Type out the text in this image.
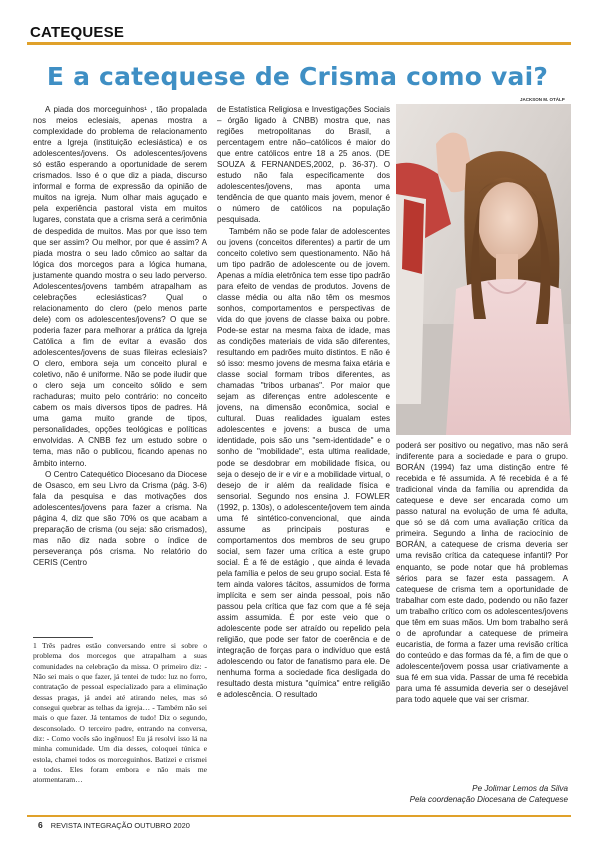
CATEQUESE
E a catequese de Crisma como vai?
JACKSON M. OTÁLP

A piada dos morceguinhos¹ , tão propalada nos meios eclesiais, apenas mostra a complexidade do problema de relacionamento entre a Igreja (instituição eclesiástica) e os adolescentes/jovens. Os adolescentes/jovens só estão esperando a oportunidade de serem crismados. Isso é o que diz a piada, discurso informal e forma de expressão da opinião de muitos na igreja. Num olhar mais aguçado e pela experiência pastoral vista em muitos lugares, constata que a crisma será a cerimônia de despedida de muitos. Mas por que isso tem que ser assim? Ou melhor, por que é assim? A piada mostra o seu lado cômico ao saltar da lógica dos morcegos para a lógica humana, justamente quando mostra o seu lado perverso. Adolescentes/jovens também atrapalham as celebrações eclesiásticas? Qual o relacionamento do clero (pelo menos parte dele) com os adolescentes/jovens? O que se poderia fazer para melhorar a prática da Igreja Católica a fim de evitar a evasão dos adolescentes/jovens de suas fileiras eclesiais? O clero, embora seja um conceito plural e coletivo, não é uniforme. Não se pode iludir que o clero seja um conceito sólido e sem rachaduras; muito pelo contrário: no conceito cabem os mais diversos tipos de padres. Há uma gama muito grande de tipos, personalidades, opções teológicas e políticas envolvidas. A CNBB fez um estudo sobre o tema, mas não o publicou, ficando apenas no âmbito interno.

O Centro Catequético Diocesano da Diocese de Osasco, em seu Livro da Crisma (pág. 3-6) fala da pesquisa e das motivações dos adolescentes/jovens para fazer a crisma. Na página 4, diz que são 70% os que acabam a preparação de crisma (ou seja: são crismados), mas não diz nada sobre o índice de perseverança pós crisma. No relatório do CERIS (Centro

de Estatística Religiosa e Investigações Sociais – órgão ligado à CNBB) mostra que, nas regiões metropolitanas do Brasil, a percentagem entre não–católicos é maior do que entre católicos entre 18 a 25 anos. (DE SOUZA & FERNANDES,2002, p. 36-37). O estudo não fala especificamente dos adolescentes/jovens, mas aponta uma tendência de que quanto mais jovem, menor é o número de católicos na população pesquisada.

Também não se pode falar de adolescentes ou jovens (conceitos diferentes) a partir de um conceito coletivo sem questionamento. Não há um tipo padrão de adolescente ou de jovem. Apenas a mídia eletrônica tem esse tipo padrão para efeito de vendas de produtos. Jovens de classe média ou alta não têm os mesmos sonhos, comportamentos e perspectivas de vida do que jovens de classe baixa ou pobre. Pode-se estar na mesma faixa de idade, mas as condições materiais de vida são diferentes, resultando em padrões muito distintos. E não é só isso: mesmo jovens de mesma faixa etária e classe social formam tribos diferentes, as chamadas "tribos urbanas". Por maior que sejam as diferenças entre adolescente e jovens, na dimensão econômica, social e cultural. Duas realidades igualam estes adolescentes e jovens: a busca de uma identidade, pois são uns "sem-identidade" e o sonho de "mobilidade", esta ultima realidade, pode se desdobrar em mobilidade física, ou seja o desejo de ir e vir e a mobilidade virtual, o desejo de ir além da realidade física e sensorial. Segundo nos ensina J. FOWLER (1992, p. 130s), o adolescente/jovem tem ainda uma fé sintético-convencional, que ainda assume as principais posturas e comportamentos dos membros de seu grupo social, sem fazer uma crítica a este grupo social. É a fé de estágio , que ainda é levada pela família e pelos de seu grupo social. Esta fé tem ainda valores tácitos, assumidos de forma implícita e sem ser ainda pessoal, pois não passou pela crítica que faz com que a fé seja assim assumida. É por este veio que o adolescente pode ser atraído ou repelido pela religião, que pode ser fator de coerência e de integração de forças para o indivíduo que está adolescendo ou fator de fanatismo para ele. De nenhuma forma a sociedade fica desligada do resultado desta mistura "química" entre religião e adolescência. O resultado

poderá ser positivo ou negativo, mas não será indiferente para a sociedade e para o grupo. BORÁN (1994) faz uma distinção entre fé recebida e fé assumida. A fé recebida é a fé tradicional vinda da família ou aprendida da catequese e deve ser encarada como um passo natural na evolução de uma fé adulta, que só se dá com uma avaliação crítica da primeira. Segundo a linha de raciocínio de BORÁN, a catequese de crisma deveria ser uma revisão crítica da catequese infantil? Por enquanto, se pode notar que há problemas sérios para se fazer esta passagem. A catequese de crisma tem a oportunidade de trabalhar com este dado, podendo ou não fazer um trabalho crítico com os adolescentes/jovens que têm em suas mãos. Um bom trabalho será o de aprofundar a catequese de primeira eucaristia, de forma a fazer uma revisão crítica do conteúdo e das formas da fé, a fim de que o adolescente/jovem possa usar criativamente a sua fé em sua vida. Passar de uma fé recebida para uma fé assumida deveria ser o desejável para todo aquele que vai ser crismar.

Pe Jolimar Lemos da Silva
Pela coordenação Diocesana de Catequese
1 Três padres estão conversando entre si sobre o problema dos morcegos que atrapalham a suas comunidades na celebração da missa. O primeiro diz: - Não sei mais o que fazer, já tentei de tudo: luz no forro, contratação de pessoal especializado para a eliminação dessas pragas, já andei até atirando neles, mas só consegui quebrar as telhas da igreja… - Também não sei mais o que fazer. Já tentamos de tudo! Diz o segundo, desconsolado. O terceiro padre, entrando na conversa, diz: - Como vocês são ingênuos! Eu já resolvi isso lá na minha comunidade. Um dia desses, coloquei túnica e estola, chamei todos os morceguinhos. Batizei e crismei a todos. Eles foram embora e não mais me atormentaram…
6 REVISTA INTEGRAÇÃO OUTUBRO 2020
